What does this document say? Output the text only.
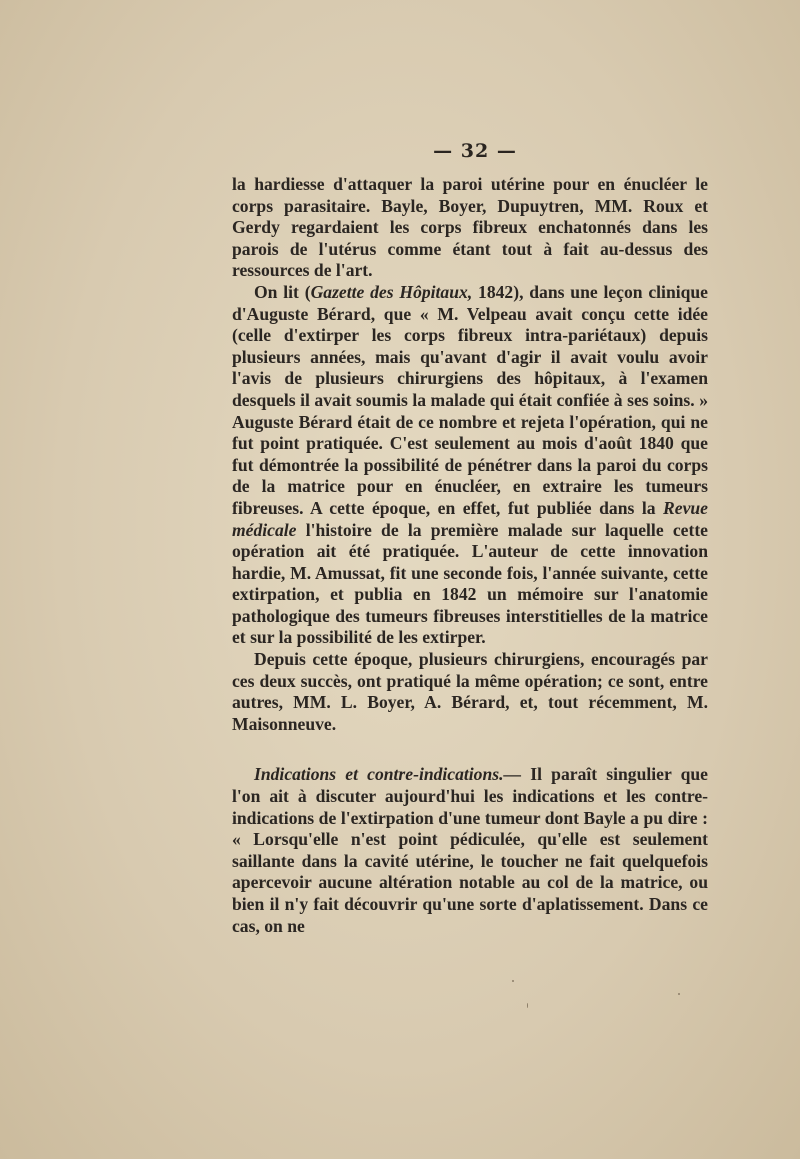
— 32 —

la hardiesse d'attaquer la paroi utérine pour en énucléer le corps parasitaire. Bayle, Boyer, Dupuytren, MM. Roux et Gerdy regardaient les corps fibreux enchatonnés dans les parois de l'utérus comme étant tout à fait au-dessus des ressources de l'art.

On lit (Gazette des Hôpitaux, 1842), dans une leçon clinique d'Auguste Bérard, que « M. Velpeau avait conçu cette idée (celle d'extirper les corps fibreux intra-pariétaux) depuis plusieurs années, mais qu'avant d'agir il avait voulu avoir l'avis de plusieurs chirurgiens des hôpitaux, à l'examen desquels il avait soumis la malade qui était confiée à ses soins. » Auguste Bérard était de ce nombre et rejeta l'opération, qui ne fut point pratiquée. C'est seulement au mois d'août 1840 que fut démontrée la possibilité de pénétrer dans la paroi du corps de la matrice pour en énucléer, en extraire les tumeurs fibreuses. A cette époque, en effet, fut publiée dans la Revue médicale l'histoire de la première malade sur laquelle cette opération ait été pratiquée. L'auteur de cette innovation hardie, M. Amussat, fit une seconde fois, l'année suivante, cette extirpation, et publia en 1842 un mémoire sur l'anatomie pathologique des tumeurs fibreuses interstitielles de la matrice et sur la possibilité de les extirper.

Depuis cette époque, plusieurs chirurgiens, encouragés par ces deux succès, ont pratiqué la même opération; ce sont, entre autres, MM. L. Boyer, A. Bérard, et, tout récemment, M. Maisonneuve.

Indications et contre-indications.— Il paraît singulier que l'on ait à discuter aujourd'hui les indications et les contre-indications de l'extirpation d'une tumeur dont Bayle a pu dire : « Lorsqu'elle n'est point pédiculée, qu'elle est seulement saillante dans la cavité utérine, le toucher ne fait quelquefois apercevoir aucune altération notable au col de la matrice, ou bien il n'y fait découvrir qu'une sorte d'aplatissement. Dans ce cas, on ne
